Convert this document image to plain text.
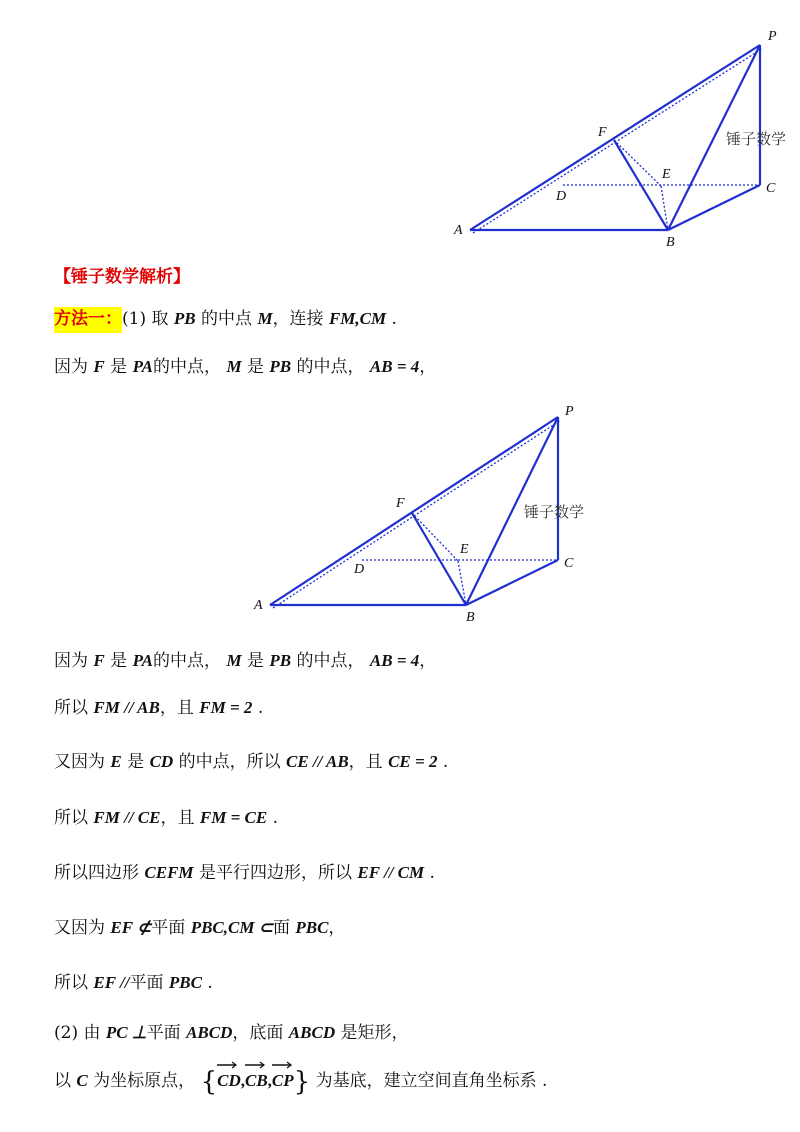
P
A
B
C
D
E
F	锤子数学
【锤子数学解析】
方法一：(1) 取 PB 的中点 M，连接 FM,CM .
因为 F 是 PA的中点， M 是 PB 的中点， AB = 4，
P
A
B
C
D
E
F	锤子数学
因为 F 是 PA的中点， M 是 PB 的中点， AB = 4，
所以 FM // AB，且 FM = 2 .
又因为 E 是 CD 的中点，所以 CE // AB，且 CE = 2 .
所以 FM // CE，且 FM = CE .
所以四边形 CEFM 是平行四边形，所以 EF // CM .
又因为 EF ⊄平面 PBC,CM ⊂面 PBC，
所以 EF //平面 PBC .
(2) 由 PC ⊥平面 ABCD，底面 ABCD 是矩形，
以 C 为坐标原点， {
CD,
CB,
CP} 为基底，建立空间直角坐标系 .
